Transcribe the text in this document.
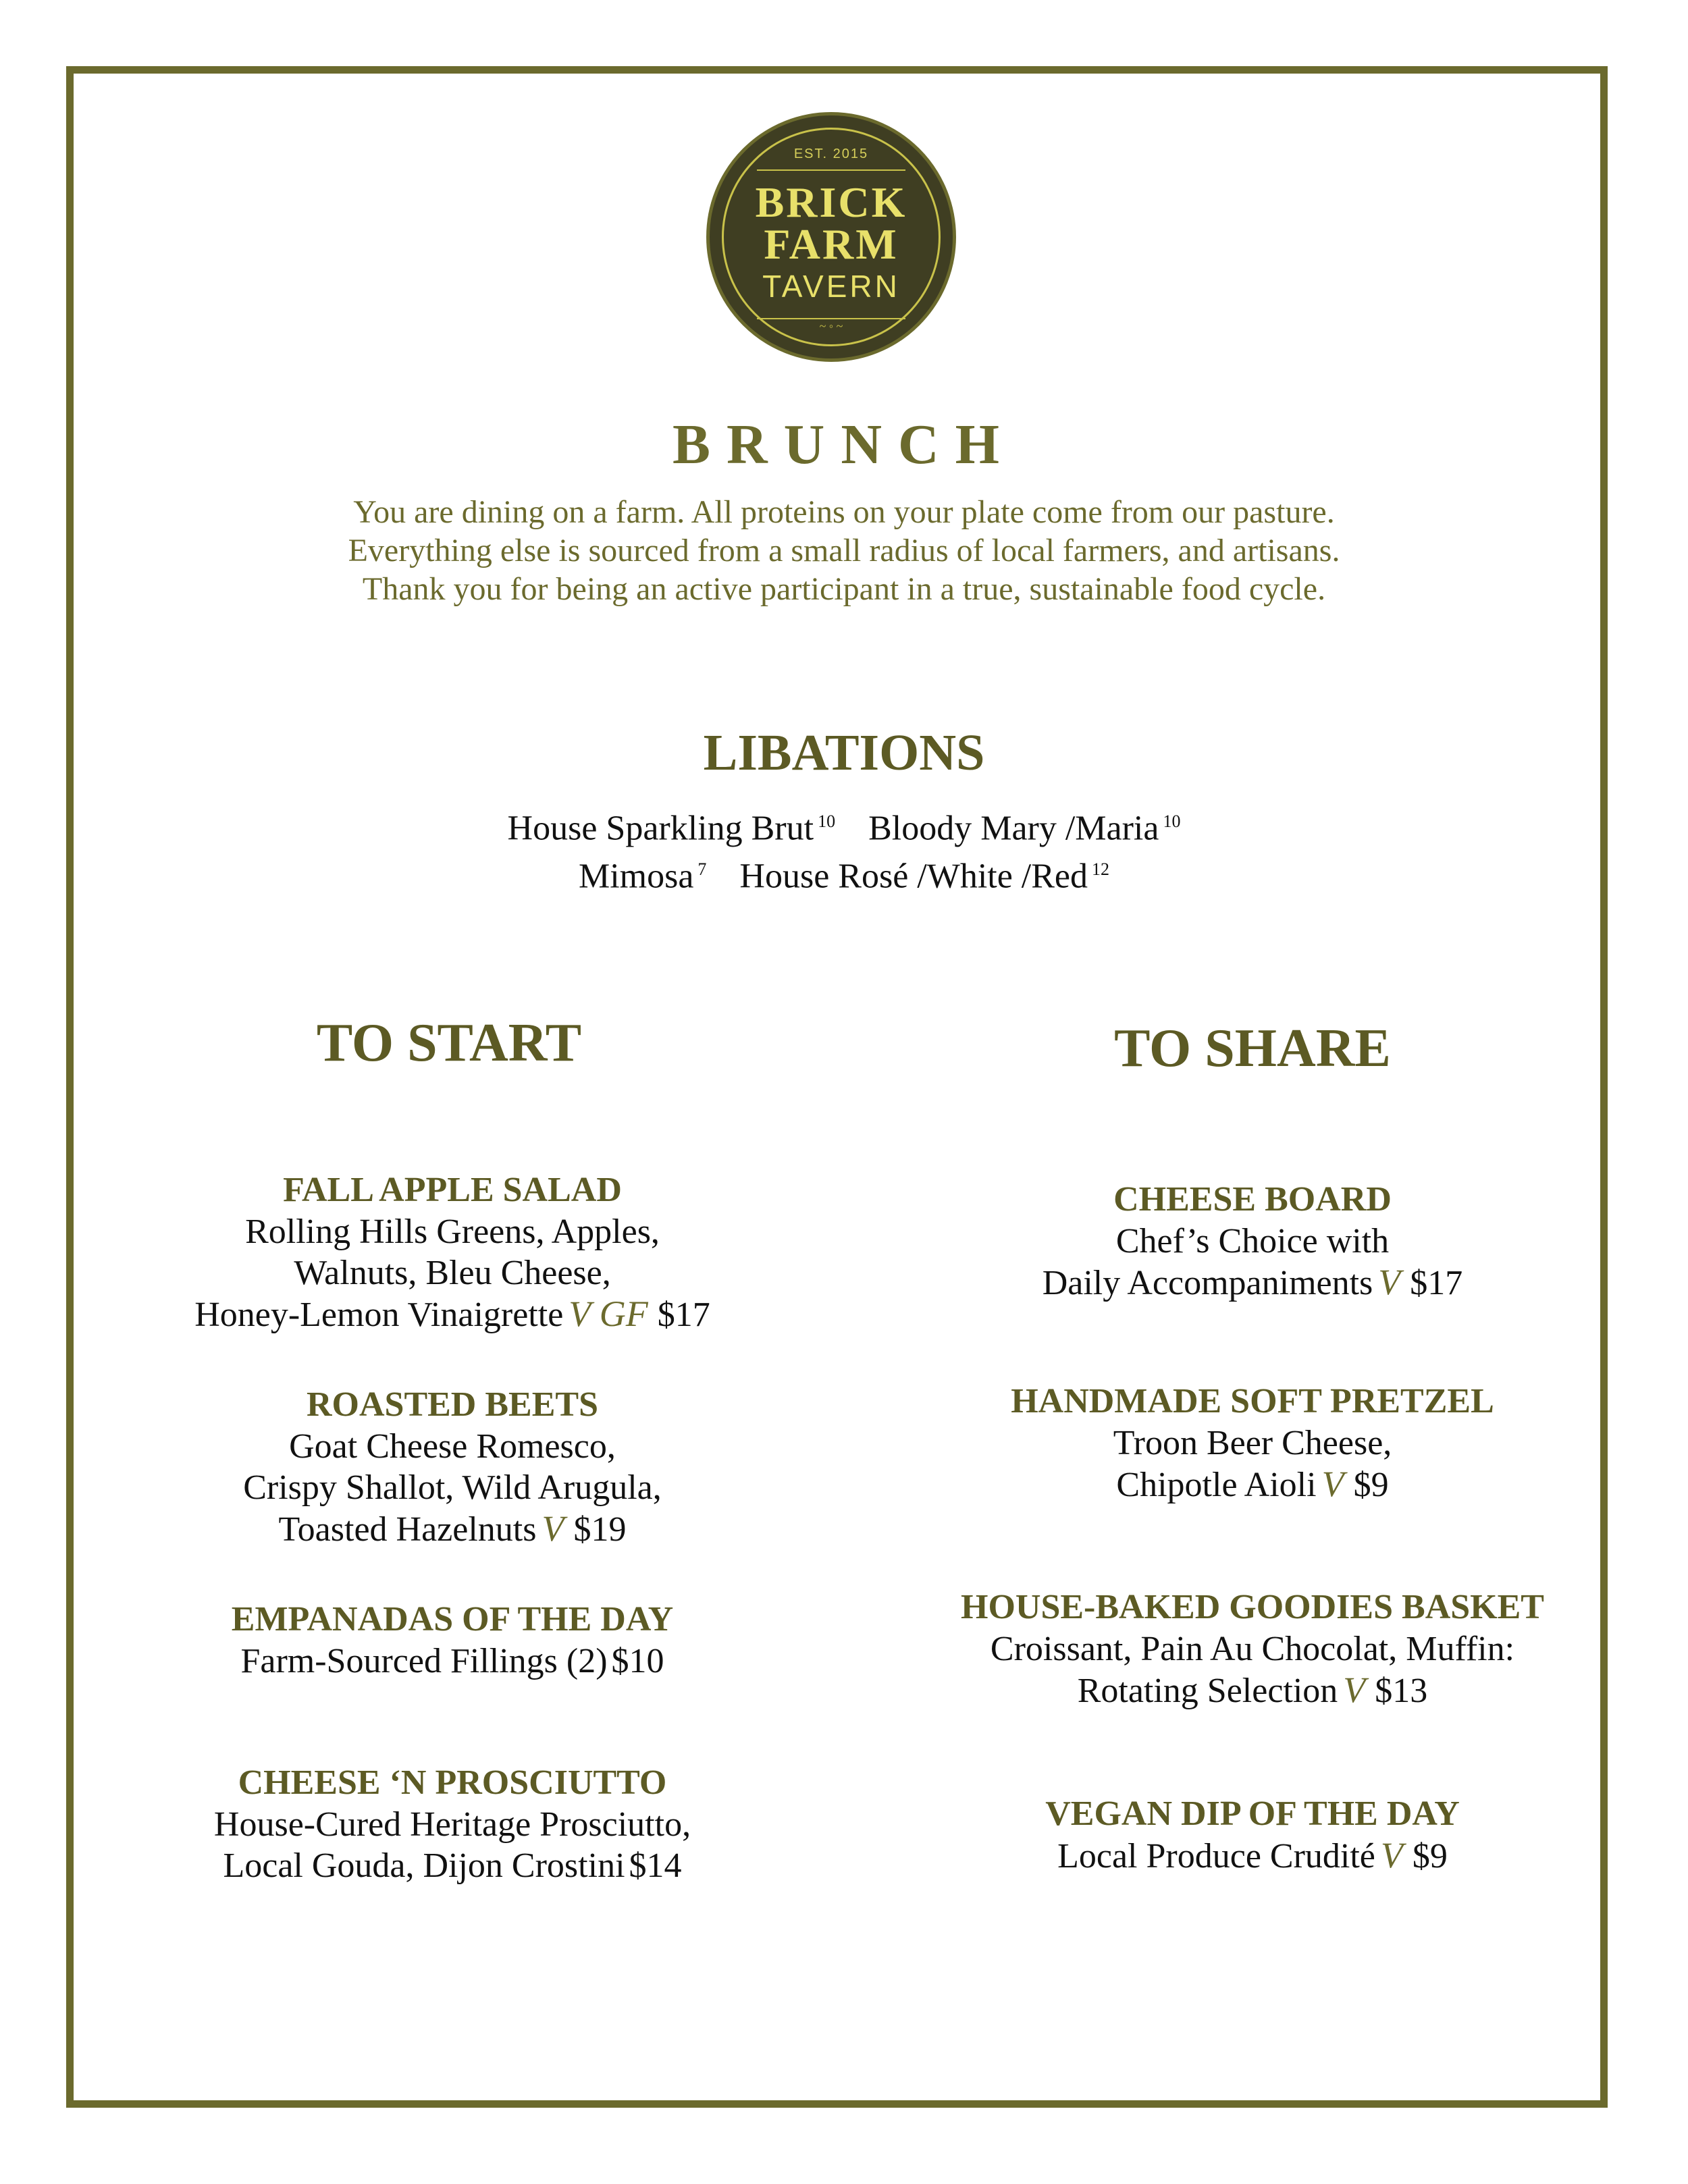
EST. 2015
BRICK
FARM
TAVERN
~ ◦ ~
BRUNCH
You are dining on a farm. All proteins on your plate come from our pasture.
Everything else is sourced from a small radius of local farmers, and artisans.
Thank you for being an active participant in a true, sustainable food cycle.
LIBATIONS
House Sparkling Brut $^{10}$ Bloody Mary /Maria $^{10}$
Mimosa $^7$ House Rosé /White /Red $^{12}$
TO START	TO SHARE
FALL APPLE SALAD
Rolling Hills Greens, Apples,
Walnuts, Bleu Cheese,
Honey-Lemon Vinaigrette V GF $17
ROASTED BEETS
Goat Cheese Romesco,
Crispy Shallot, Wild Arugula,
Toasted Hazelnuts V $19
EMPANADAS OF THE DAY
Farm-Sourced Fillings (2) $10
CHEESE ‘N PROSCIUTTO
House-Cured Heritage Prosciutto,
Local Gouda, Dijon Crostini $14
CHEESE BOARD
Chef’s Choice with
Daily Accompaniments V $17
HANDMADE SOFT PRETZEL
Troon Beer Cheese,
Chipotle Aioli V $9
HOUSE-BAKED GOODIES BASKET
Croissant, Pain Au Chocolat, Muffin:
Rotating Selection V $13
VEGAN DIP OF THE DAY
Local Produce Crudité V $9
